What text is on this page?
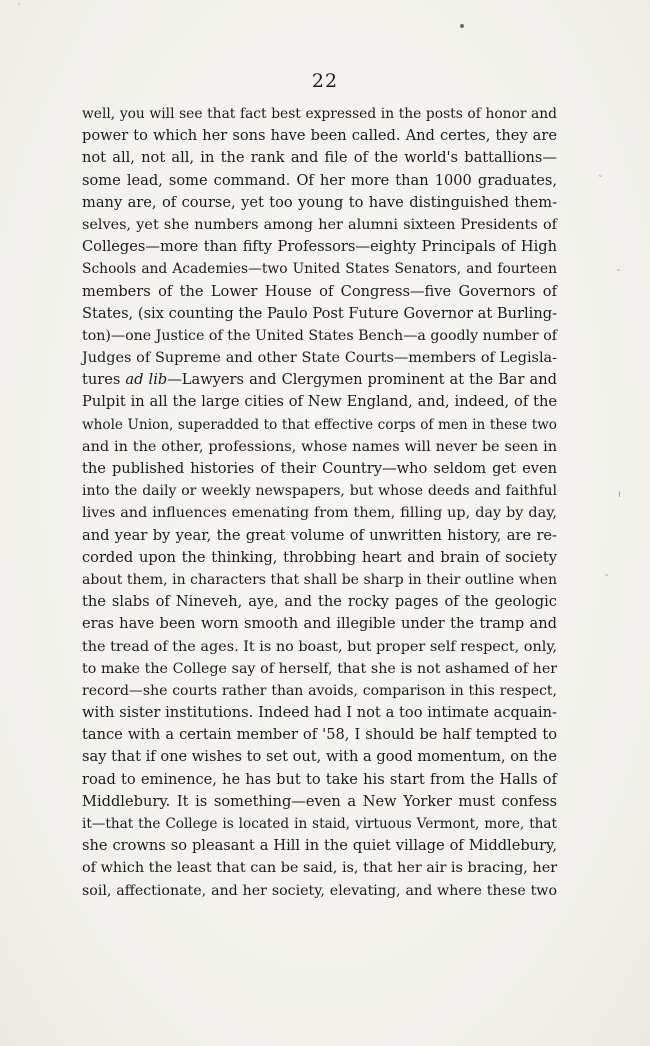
22
well, you will see that fact best expressed in the posts of honor and
power to which her sons have been called. And certes, they are
not all, not all, in the rank and file of the world's battallions—
some lead, some command. Of her more than 1000 graduates,
many are, of course, yet too young to have distinguished them-
selves, yet she numbers among her alumni sixteen Presidents of
Colleges—more than fifty Professors—eighty Principals of High
Schools and Academies—two United States Senators, and fourteen
members of the Lower House of Congress—five Governors of
States, (six counting the Paulo Post Future Governor at Burling-
ton)—one Justice of the United States Bench—a goodly number of
Judges of Supreme and other State Courts—members of Legisla-
tures ad lib—Lawyers and Clergymen prominent at the Bar and
Pulpit in all the large cities of New England, and, indeed, of the
whole Union, superadded to that effective corps of men in these two
and in the other, professions, whose names will never be seen in
the published histories of their Country—who seldom get even
into the daily or weekly newspapers, but whose deeds and faithful
lives and influences emenating from them, filling up, day by day,
and year by year, the great volume of unwritten history, are re-
corded upon the thinking, throbbing heart and brain of society
about them, in characters that shall be sharp in their outline when
the slabs of Nineveh, aye, and the rocky pages of the geologic
eras have been worn smooth and illegible under the tramp and
the tread of the ages. It is no boast, but proper self respect, only,
to make the College say of herself, that she is not ashamed of her
record—she courts rather than avoids, comparison in this respect,
with sister institutions. Indeed had I not a too intimate acquain-
tance with a certain member of '58, I should be half tempted to
say that if one wishes to set out, with a good momentum, on the
road to eminence, he has but to take his start from the Halls of
Middlebury. It is something—even a New Yorker must confess
it—that the College is located in staid, virtuous Vermont, more, that
she crowns so pleasant a Hill in the quiet village of Middlebury,
of which the least that can be said, is, that her air is bracing, her
soil, affectionate, and her society, elevating, and where these two
˘
ˇ
ı
˘
ˊ
